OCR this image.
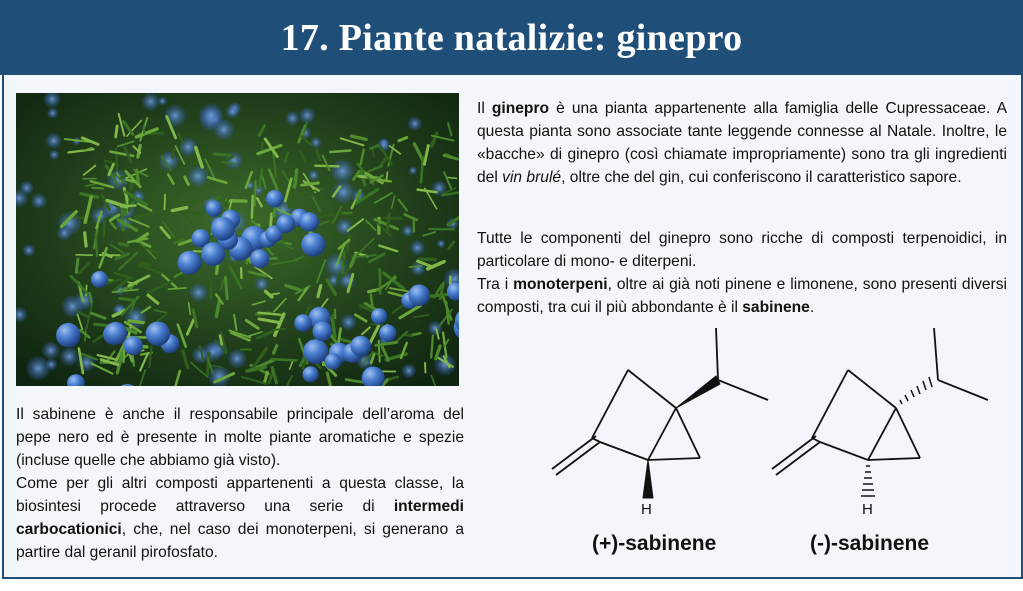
17. Piante natalizie: ginepro

Il ginepro è una pianta appartenente alla famiglia delle Cupressaceae. A questa pianta sono associate tante leggende connesse al Natale. Inoltre, le «bacche» di ginepro (così chiamate impropriamente) sono tra gli ingredienti del vin brulé, oltre che del gin, cui conferiscono il caratteristico sapore.

Tutte le componenti del ginepro sono ricche di composti terpenoidici, in particolare di mono- e diterpeni.

Tra i monoterpeni, oltre ai già noti pinene e limonene, sono presenti diversi composti, tra cui il più abbondante è il sabinene.

Il sabinene è anche il responsabile principale dell’aroma del pepe nero ed è presente in molte piante aromatiche e spezie (incluse quelle che abbiamo già visto).

Come per gli altri composti appartenenti a questa classe, la biosintesi procede attraverso una serie di intermedi carbocationici, che, nel caso dei monoterpeni, si generano a partire dal geranil pirofosfato.

H	H
(+)-sabinene	(-)-sabinene
